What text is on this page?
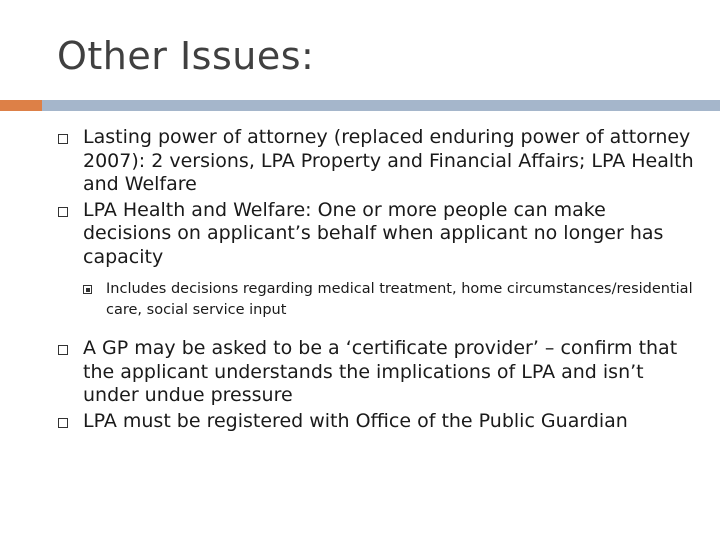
Other Issues:
Lasting power of attorney (replaced enduring power of attorney 2007): 2 versions, LPA Property and Financial Affairs; LPA Health and Welfare
LPA Health and Welfare: One or more people can make decisions on applicant’s behalf when applicant no longer has capacity
Includes decisions regarding medical treatment, home circumstances/residential care, social service input
A GP may be asked to be a ‘certificate provider’ – confirm that the applicant understands the implications of LPA and isn’t under undue pressure
LPA must be registered with Office of the Public Guardian
